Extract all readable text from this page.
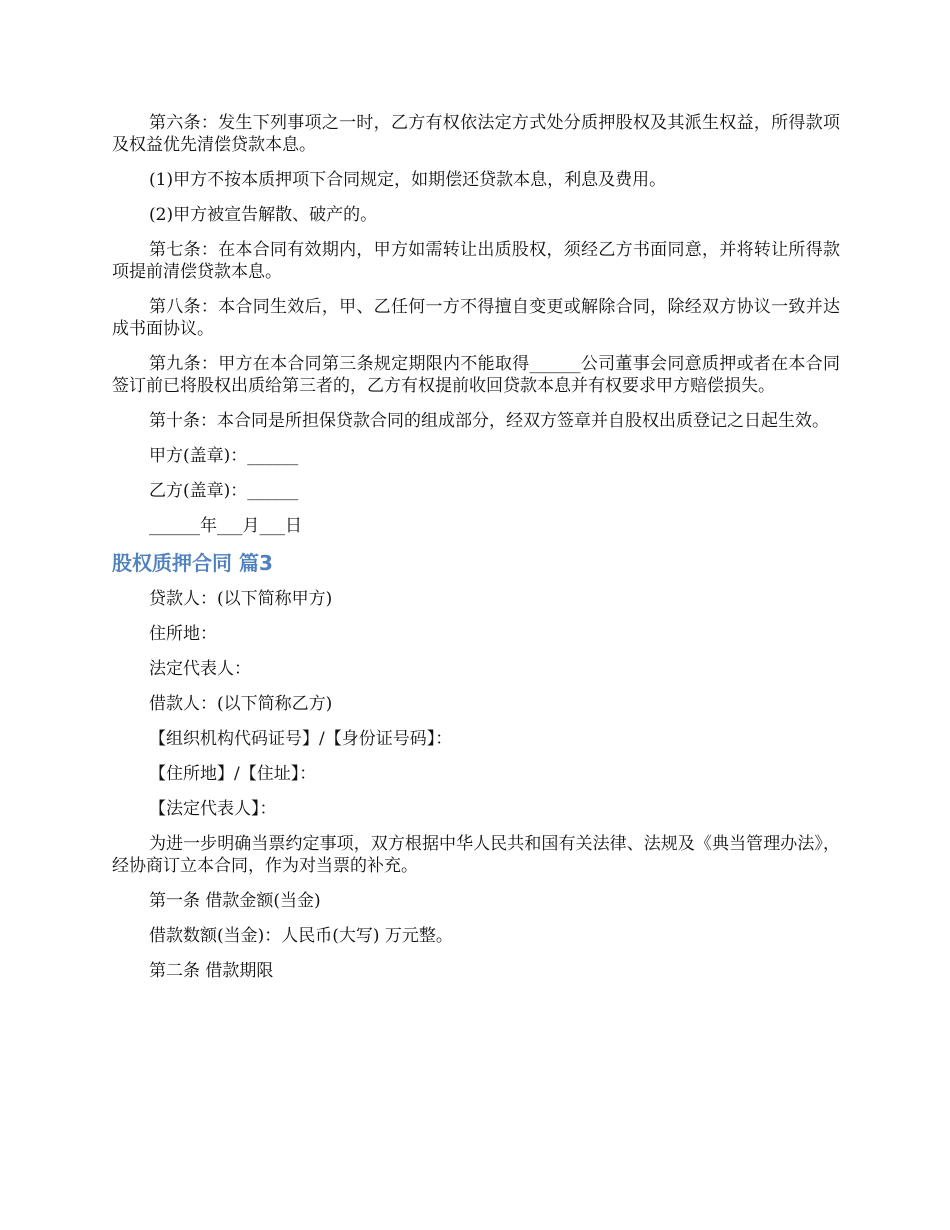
第六条：发生下列事项之一时，乙方有权依法定方式处分质押股权及其派生权益，所得款项及权益优先清偿贷款本息。

(1)甲方不按本质押项下合同规定，如期偿还贷款本息，利息及费用。

(2)甲方被宣告解散、破产的。

第七条：在本合同有效期内，甲方如需转让出质股权，须经乙方书面同意，并将转让所得款项提前清偿贷款本息。

第八条：本合同生效后，甲、乙任何一方不得擅自变更或解除合同，除经双方协议一致并达成书面协议。

第九条：甲方在本合同第三条规定期限内不能取得______公司董事会同意质押或者在本合同签订前已将股权出质给第三者的，乙方有权提前收回贷款本息并有权要求甲方赔偿损失。

第十条：本合同是所担保贷款合同的组成部分，经双方签章并自股权出质登记之日起生效。

甲方(盖章)：______

乙方(盖章)：______

______年___月___日

股权质押合同 篇3

贷款人：(以下简称甲方)

住所地：

法定代表人：

借款人：(以下简称乙方)

【组织机构代码证号】/【身份证号码】：

【住所地】/【住址】：

【法定代表人】：

为进一步明确当票约定事项，双方根据中华人民共和国有关法律、法规及《典当管理办法》，经协商订立本合同，作为对当票的补充。

第一条 借款金额(当金)

借款数额(当金)：人民币(大写) 万元整。

第二条 借款期限
